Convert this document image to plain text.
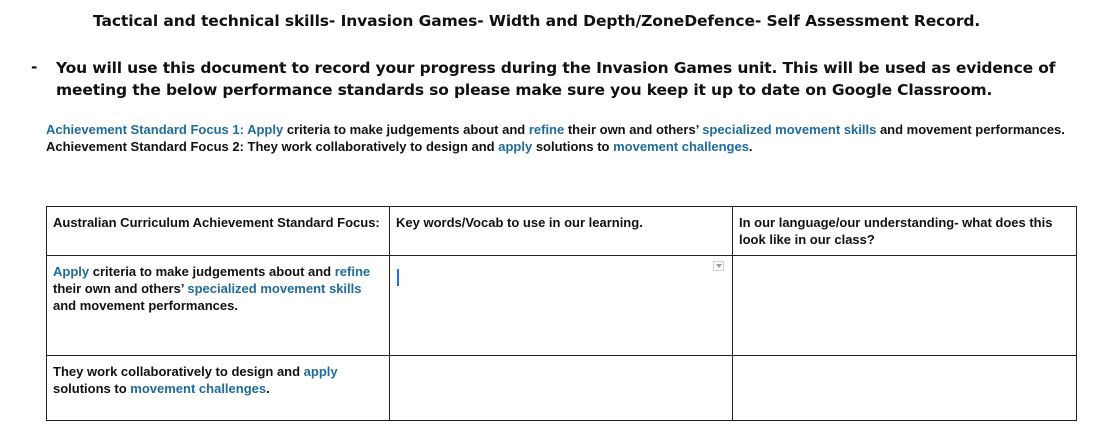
Tactical and technical skills- Invasion Games- Width and Depth/ZoneDefence- Self Assessment Record.
- You will use this document to record your progress during the Invasion Games unit. This will be used as evidence of meeting the below performance standards so please make sure you keep it up to date on Google Classroom.

Achievement Standard Focus 1: Apply criteria to make judgements about and refine their own and others’ specialized movement skills and movement performances.

Achievement Standard Focus 2: They work collaboratively to design and apply solutions to movement challenges.

Australian Curriculum Achievement Standard Focus:	Key words/Vocab to use in our learning.	In our language/our understanding- what does this look like in our class?
Apply criteria to make judgements about and refine their own and others’ specialized movement skills and movement performances.	

They work collaboratively to design and apply solutions to movement challenges.		
